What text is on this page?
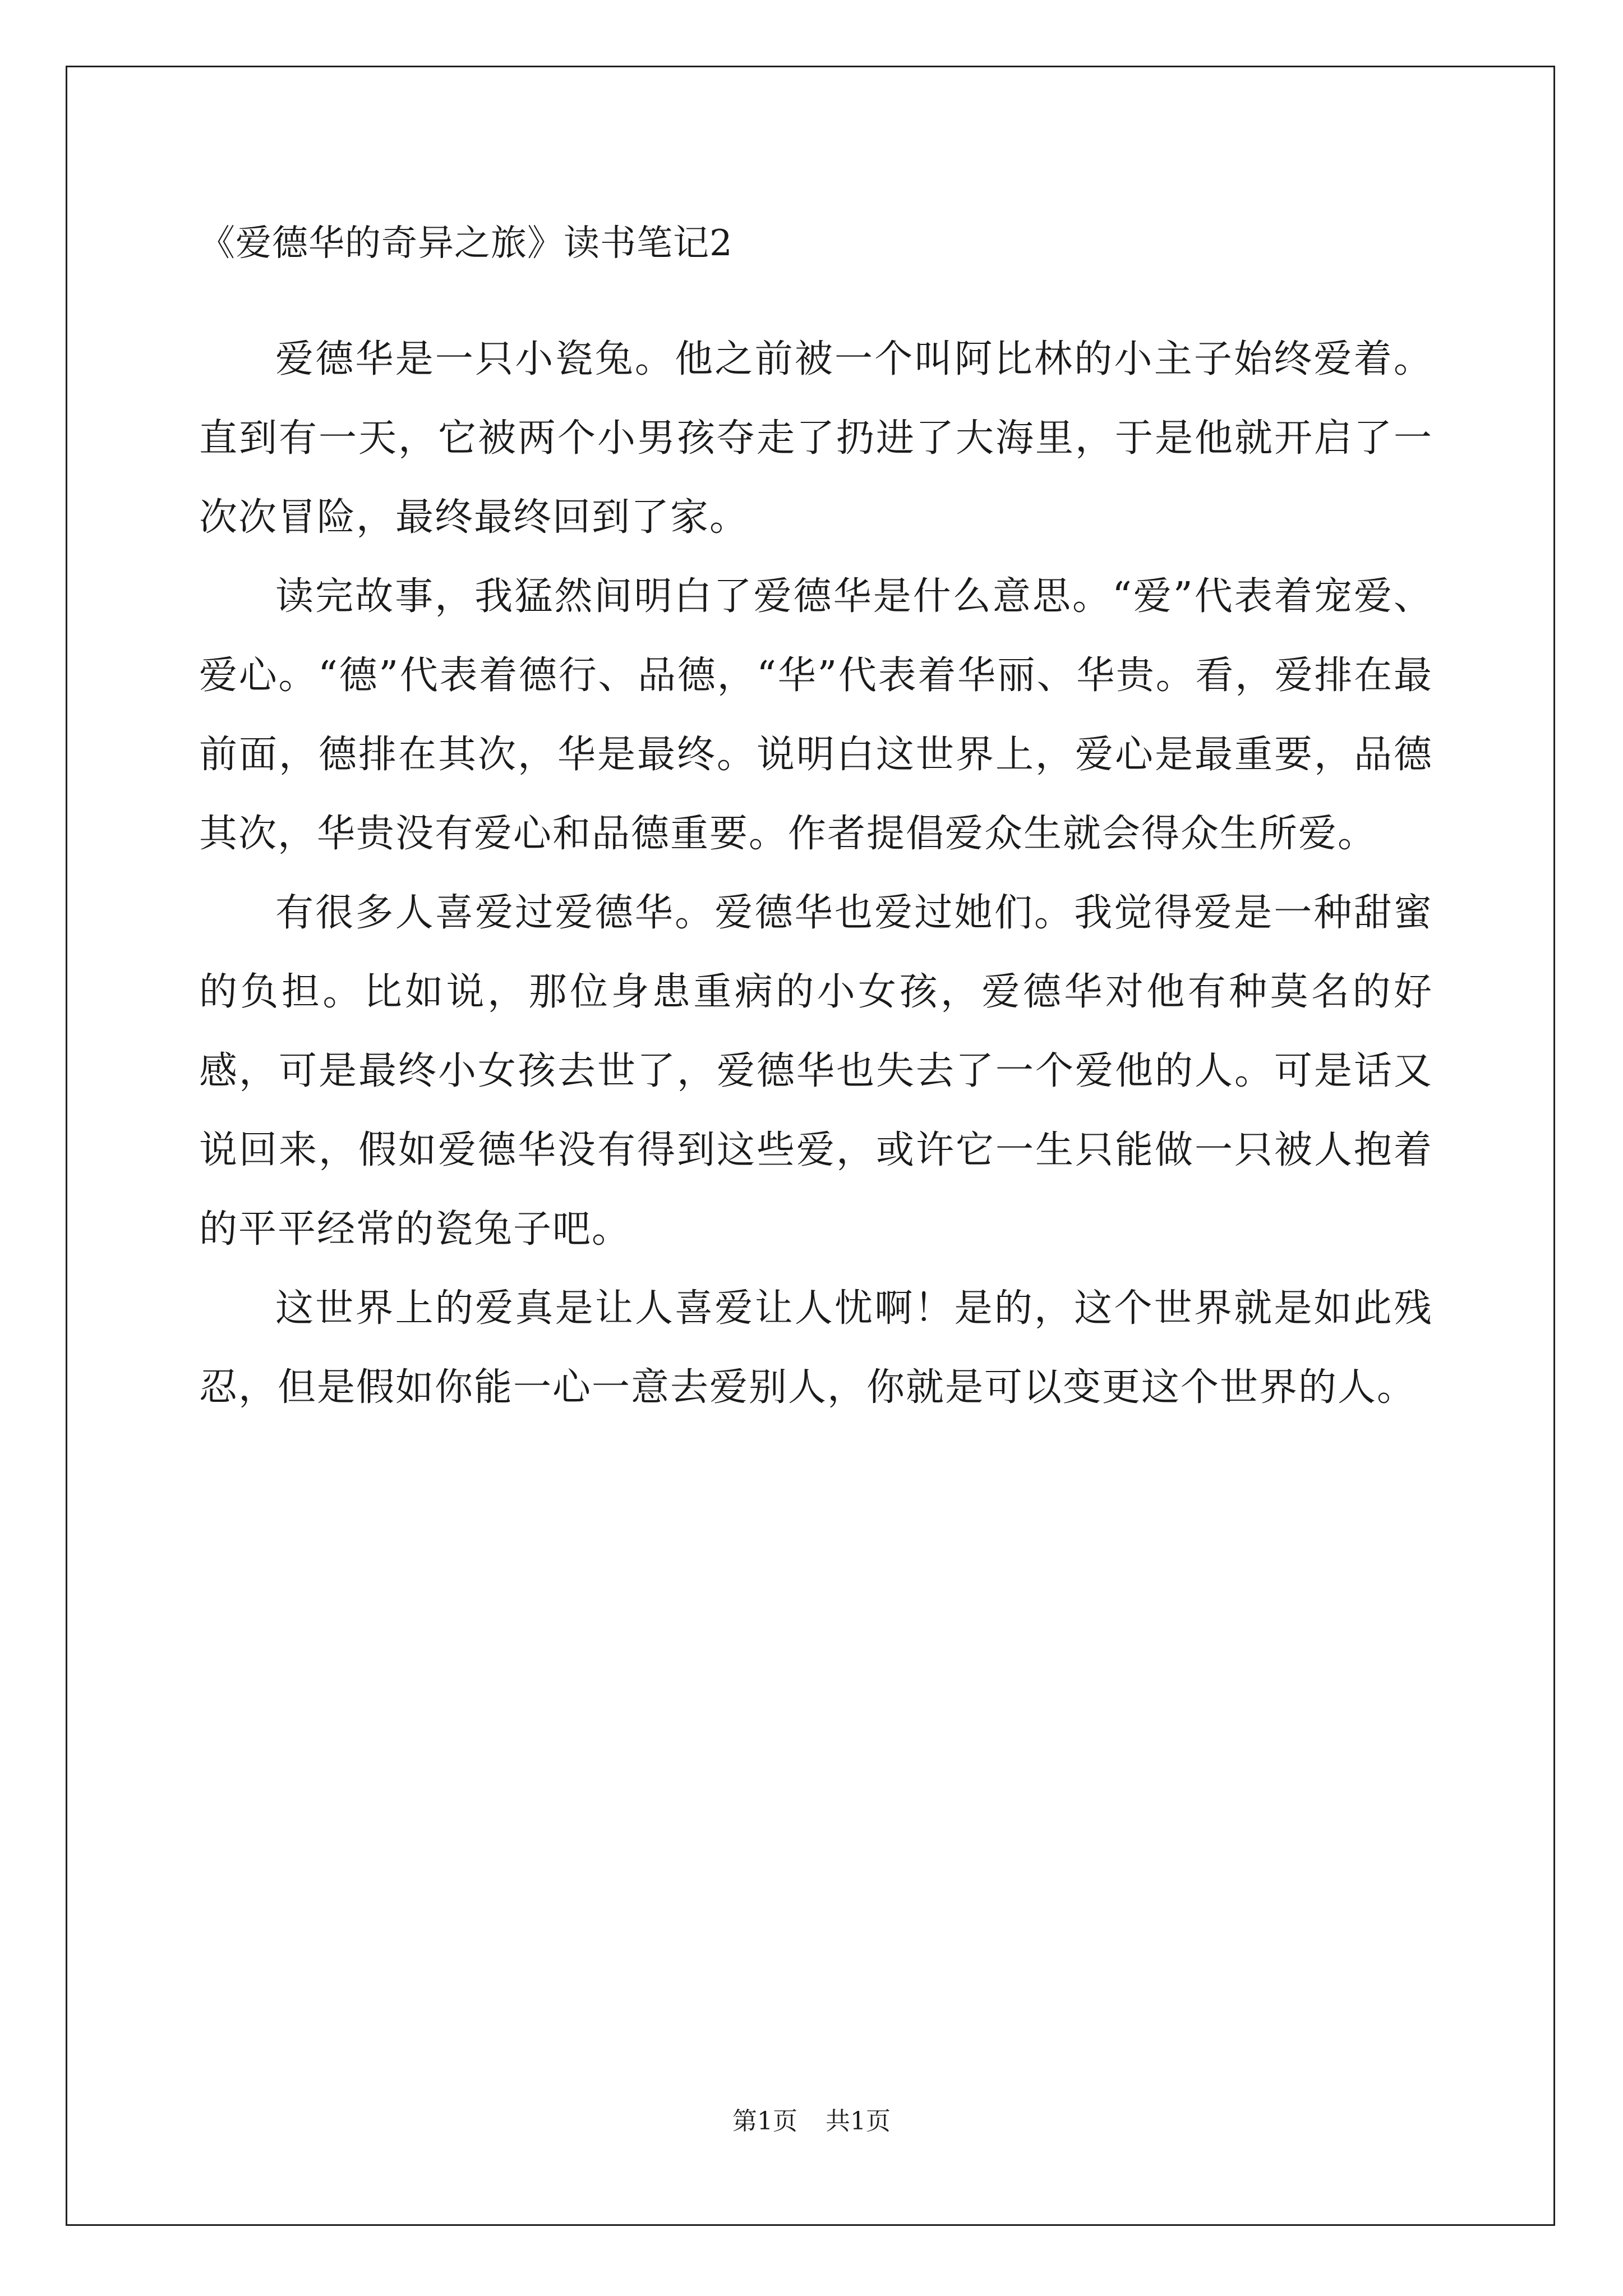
《爱德华的奇异之旅》读书笔记2

爱德华是一只小瓷兔。他之前被一个叫阿比林的小主子始终爱着。直到有一天，它被两个小男孩夺走了扔进了大海里，于是他就开启了一次次冒险，最终最终回到了家。

读完故事，我猛然间明白了爱德华是什么意思。“爱”代表着宠爱、爱心。“德”代表着德行、品德，“华”代表着华丽、华贵。看，爱排在最前面，德排在其次，华是最终。说明白这世界上，爱心是最重要，品德其次，华贵没有爱心和品德重要。作者提倡爱众生就会得众生所爱。

有很多人喜爱过爱德华。爱德华也爱过她们。我觉得爱是一种甜蜜的负担。比如说，那位身患重病的小女孩，爱德华对他有种莫名的好感，可是最终小女孩去世了，爱德华也失去了一个爱他的人。可是话又说回来，假如爱德华没有得到这些爱，或许它一生只能做一只被人抱着的平平经常的瓷兔子吧。

这世界上的爱真是让人喜爱让人忧啊！是的，这个世界就是如此残忍，但是假如你能一心一意去爱别人，你就是可以变更这个世界的人。

第1页 共1页
